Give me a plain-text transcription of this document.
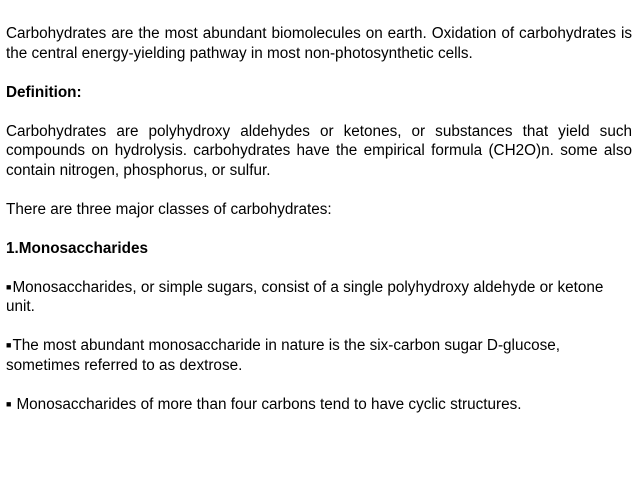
Carbohydrates are the most abundant biomolecules on earth. Oxidation of carbohydrates is the central energy-yielding pathway in most non-photosynthetic cells.

Definition:

Carbohydrates are polyhydroxy aldehydes or ketones, or substances that yield such compounds on hydrolysis. carbohydrates have the empirical formula (CH2O)n. some also contain nitrogen, phosphorus, or sulfur.

There are three major classes of carbohydrates:

1.Monosaccharides

■Monosaccharides, or simple sugars, consist of a single polyhydroxy aldehyde or ketone unit.

■The most abundant monosaccharide in nature is the six-carbon sugar D-glucose, sometimes referred to as dextrose.

■ Monosaccharides of more than four carbons tend to have cyclic structures.
